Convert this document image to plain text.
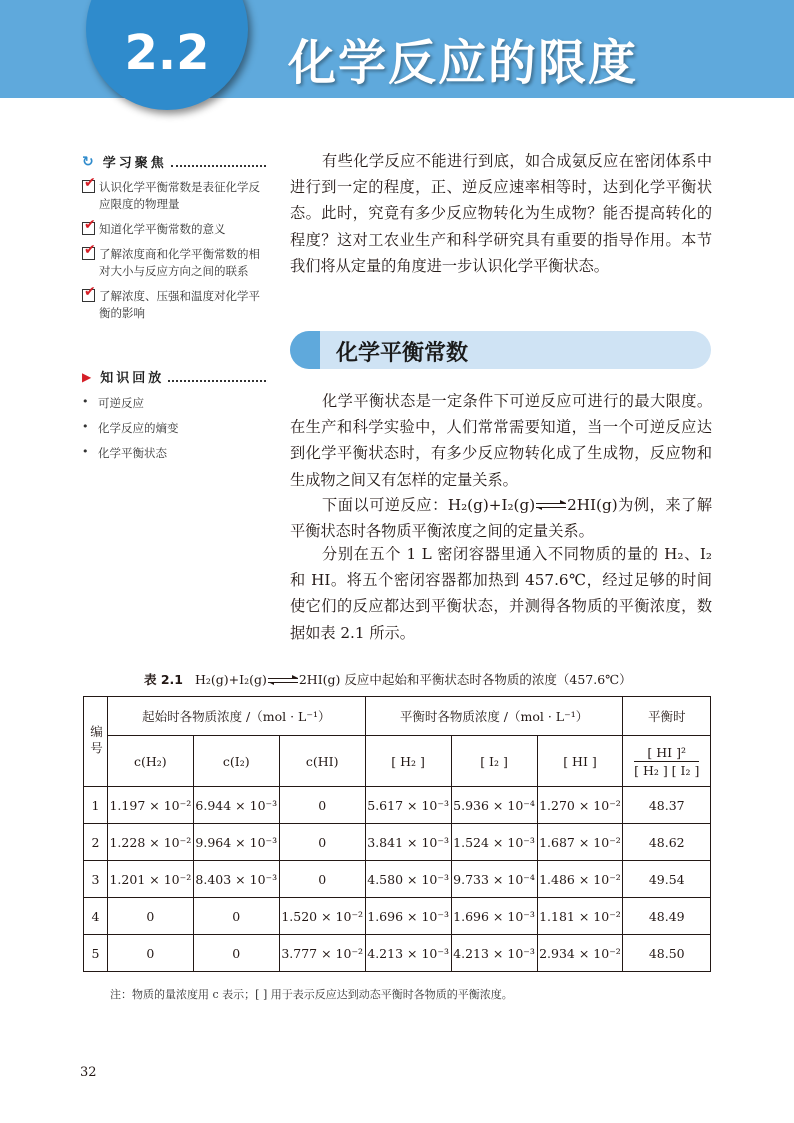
2.2	化学反应的限度
↻ 学习聚焦
✔
认识化学平衡常数是表征化学反应限度的物理量
✔
知道化学平衡常数的意义
✔
了解浓度商和化学平衡常数的相对大小与反应方向之间的联系
✔
了解浓度、压强和温度对化学平衡的影响
▶ 知识回放
• 可逆反应
• 化学反应的熵变
• 化学平衡状态

有些化学反应不能进行到底，如合成氨反应在密闭体系中进行到一定的程度，正、逆反应速率相等时，达到化学平衡状态。此时，究竟有多少反应物转化为生成物？能否提高转化的程度？这对工农业生产和科学研究具有重要的指导作用。本节我们将从定量的角度进一步认识化学平衡状态。

化学平衡常数

化学平衡状态是一定条件下可逆反应可进行的最大限度。在生产和科学实验中，人们常常需要知道，当一个可逆反应达到化学平衡状态时，有多少反应物转化成了生成物，反应物和生成物之间又有怎样的定量关系。

下面以可逆反应：H₂(g)+I₂(g) 2HI(g)为例，来了解平衡状态时各物质平衡浓度之间的定量关系。

分别在五个 1 L 密闭容器里通入不同物质的量的 H₂、I₂ 和 HI。将五个密闭容器都加热到 457.6℃，经过足够的时间使它们的反应都达到平衡状态，并测得各物质的平衡浓度，数据如表 2.1 所示。

表 2.1 H₂(g)+I₂(g)	2HI(g) 反应中起始和平衡状态时各物质的浓度（457.6℃）
编号	起始时各物质浓度 /（mol · L⁻¹）			平衡时各物质浓度 /（mol · L⁻¹）			平衡时
	c(H₂)	c(I₂)	c(HI)	[ H₂ ]	[ I₂ ]	[ HI ]	$\frac{\text{[ HI ]²}}{\text{[ H₂ ] [ I₂ ]}}$

1	1.197 × 10⁻²	6.944 × 10⁻³	0	5.617 × 10⁻³	5.936 × 10⁻⁴	1.270 × 10⁻²	48.37
2	1.228 × 10⁻²	9.964 × 10⁻³	0	3.841 × 10⁻³	1.524 × 10⁻³	1.687 × 10⁻²	48.62
3	1.201 × 10⁻²	8.403 × 10⁻³	0	4.580 × 10⁻³	9.733 × 10⁻⁴	1.486 × 10⁻²	49.54
4	0	0	1.520 × 10⁻²	1.696 × 10⁻³	1.696 × 10⁻³	1.181 × 10⁻²	48.49
5	0	0	3.777 × 10⁻²	4.213 × 10⁻³	4.213 × 10⁻³	2.934 × 10⁻²	48.50
注：物质的量浓度用 c 表示；[ ] 用于表示反应达到动态平衡时各物质的平衡浓度。
32
